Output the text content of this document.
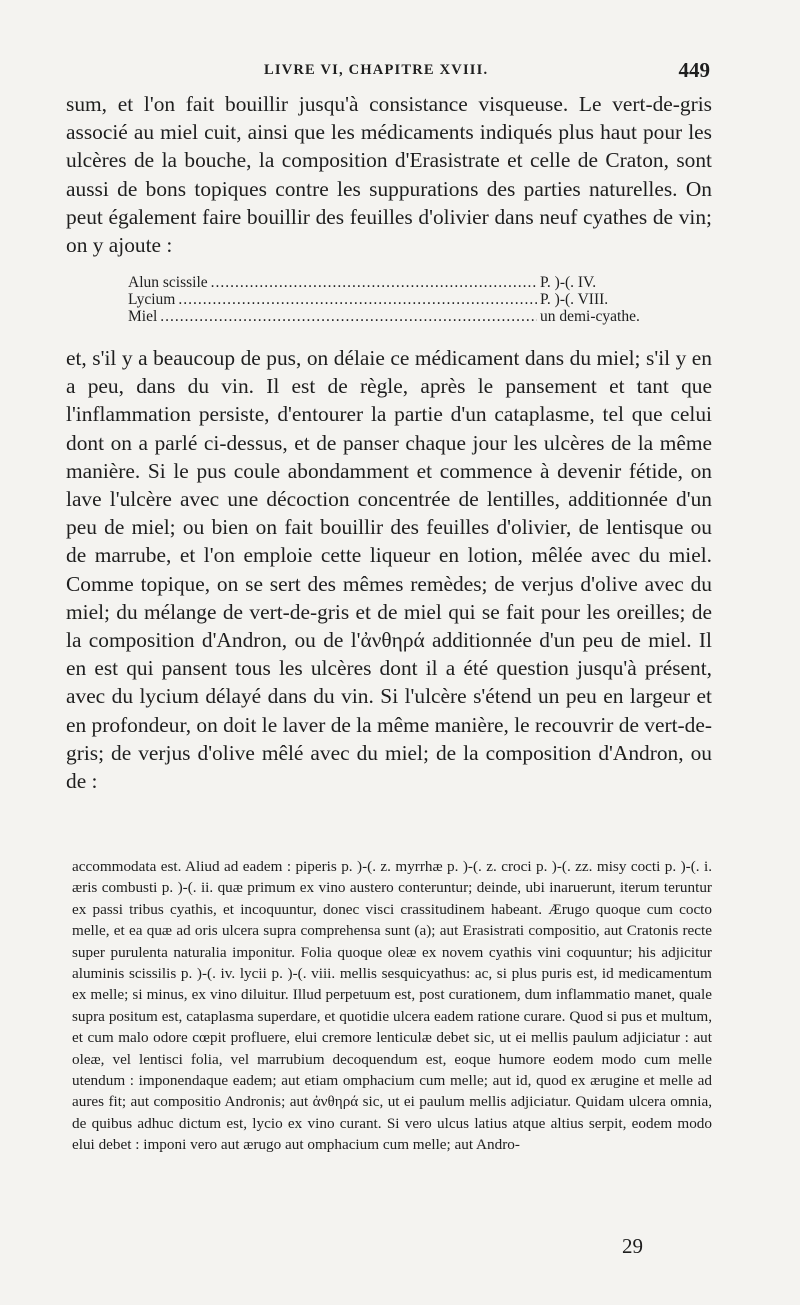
LIVRE VI, CHAPITRE XVIII.	449

sum, et l'on fait bouillir jusqu'à consistance visqueuse. Le vert-de-gris associé au miel cuit, ainsi que les médicaments indiqués plus haut pour les ulcères de la bouche, la composition d'Erasistrate et celle de Craton, sont aussi de bons topiques contre les suppurations des parties naturelles. On peut également faire bouillir des feuilles d'olivier dans neuf cyathes de vin; on y ajoute :

Alun scissile .....	P. )-(. IV.
Lycium .....	P. )-(. VIII.
Miel .....	un demi-cyathe.

et, s'il y a beaucoup de pus, on délaie ce médicament dans du miel; s'il y en a peu, dans du vin. Il est de règle, après le pansement et tant que l'inflammation persiste, d'entourer la partie d'un cataplasme, tel que celui dont on a parlé ci-dessus, et de panser chaque jour les ulcères de la même manière. Si le pus coule abondamment et commence à devenir fétide, on lave l'ulcère avec une décoction concentrée de lentilles, additionnée d'un peu de miel; ou bien on fait bouillir des feuilles d'olivier, de lentisque ou de marrube, et l'on emploie cette liqueur en lotion, mêlée avec du miel. Comme topique, on se sert des mêmes remèdes; de verjus d'olive avec du miel; du mélange de vert-de-gris et de miel qui se fait pour les oreilles; de la composition d'Andron, ou de l'ἀνθηρά additionnée d'un peu de miel. Il en est qui pansent tous les ulcères dont il a été question jusqu'à présent, avec du lycium délayé dans du vin. Si l'ulcère s'étend un peu en largeur et en profondeur, on doit le laver de la même manière, le recouvrir de vert-de-gris; de verjus d'olive mêlé avec du miel; de la composition d'Andron, ou de :

accommodata est. Aliud ad eadem : piperis p. )-(. z. myrrhæ p. )-(. z. croci p. )-(. zz. misy cocti p. )-(. i. æris combusti p. )-(. ii. quæ primum ex vino austero conteruntur; deinde, ubi inaruerunt, iterum teruntur ex passi tribus cyathis, et incoquuntur, donec visci crassitudinem habeant. Ærugo quoque cum cocto melle, et ea quæ ad oris ulcera supra comprehensa sunt (a); aut Erasistrati compositio, aut Cratonis recte super purulenta naturalia imponitur. Folia quoque oleæ ex novem cyathis vini coquuntur; his adjicitur aluminis scissilis p. )-(. iv. lycii p. )-(. viii. mellis sesquicyathus: ac, si plus puris est, id medicamentum ex melle; si minus, ex vino diluitur. Illud perpetuum est, post curationem, dum inflammatio manet, quale supra positum est, cataplasma superdare, et quotidie ulcera eadem ratione curare. Quod si pus et multum, et cum malo odore cœpit profluere, elui cremore lenticulæ debet sic, ut ei mellis paulum adjiciatur : aut oleæ, vel lentisci folia, vel marrubium decoquendum est, eoque humore eodem modo cum melle utendum : imponendaque eadem; aut etiam omphacium cum melle; aut id, quod ex ærugine et melle ad aures fit; aut compositio Andronis; aut ἀνθηρά sic, ut ei paulum mellis adjiciatur. Quidam ulcera omnia, de quibus adhuc dictum est, lycio ex vino curant. Si vero ulcus latius atque altius serpit, eodem modo elui debet : imponi vero aut ærugo aut omphacium cum melle; aut Andro-

29
